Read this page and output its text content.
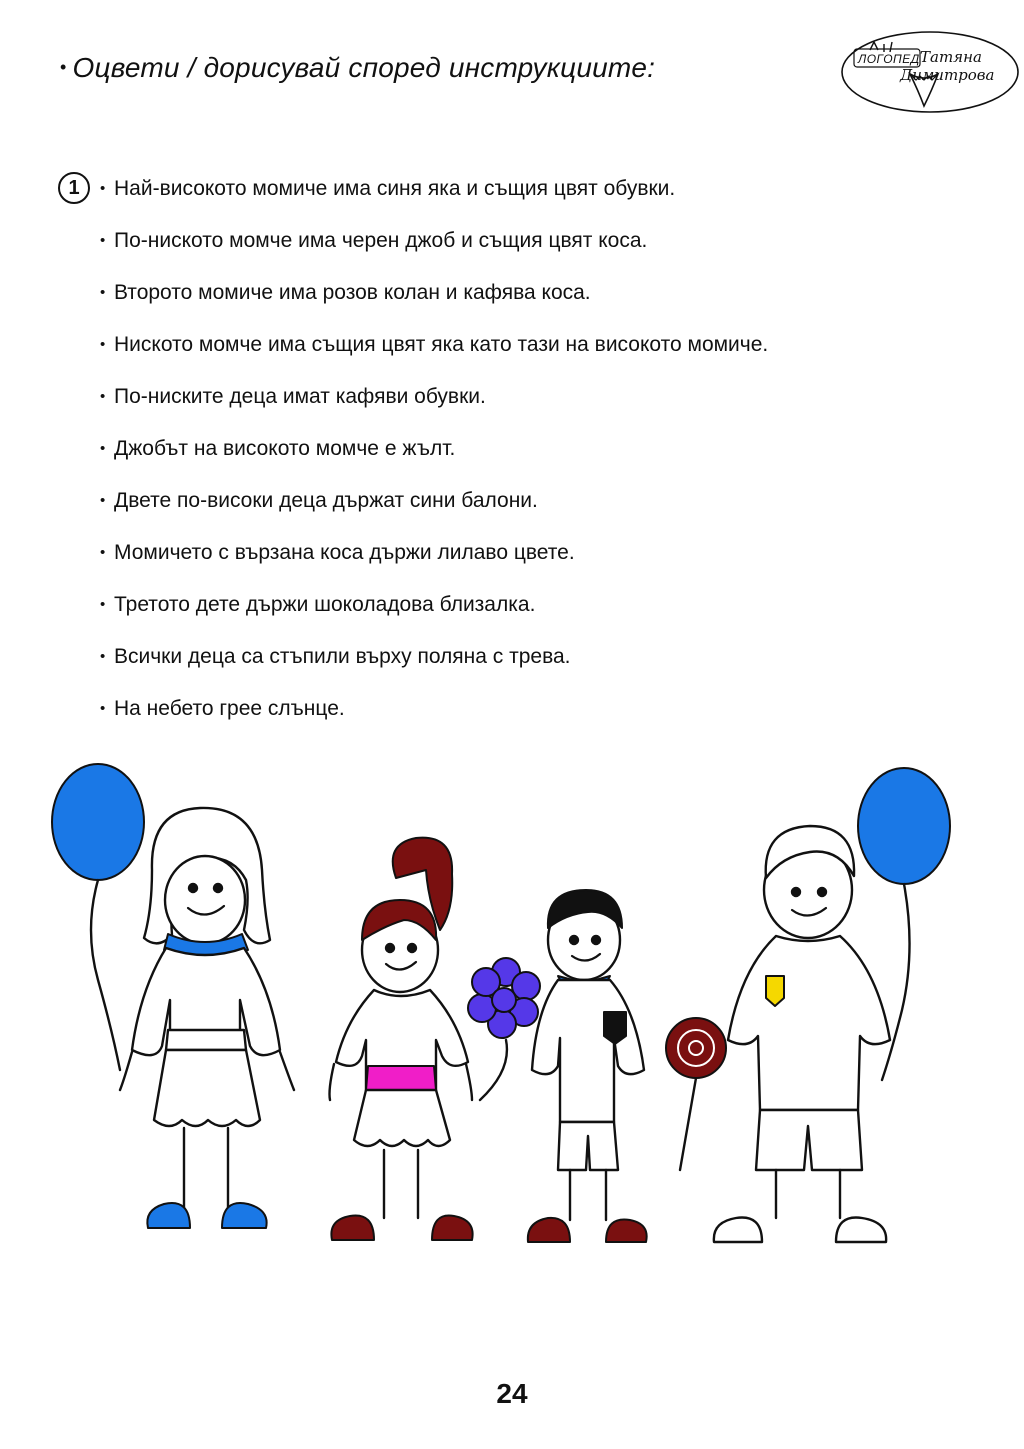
• Оцвети / дорисувай според инструкциите:	ЛОГОПЕД Татяна
Димитрова
1	• Най-високото момиче има синя яка и същия цвят обувки.
• По-ниското момче има черен джоб и същия цвят коса.
• Второто момиче има розов колан и кафява коса.
• Ниското момче има същия цвят яка като тази на високото момиче.
• По-ниските деца имат кафяви обувки.
• Джобът на високото момче е жълт.
• Двете по-високи деца държат сини балони.
• Момичето с вързана коса държи лилаво цвете.
• Третото дете държи шоколадова близалка.
• Всички деца са стъпили върху поляна с трева.
• На небето грее слънце.
24
